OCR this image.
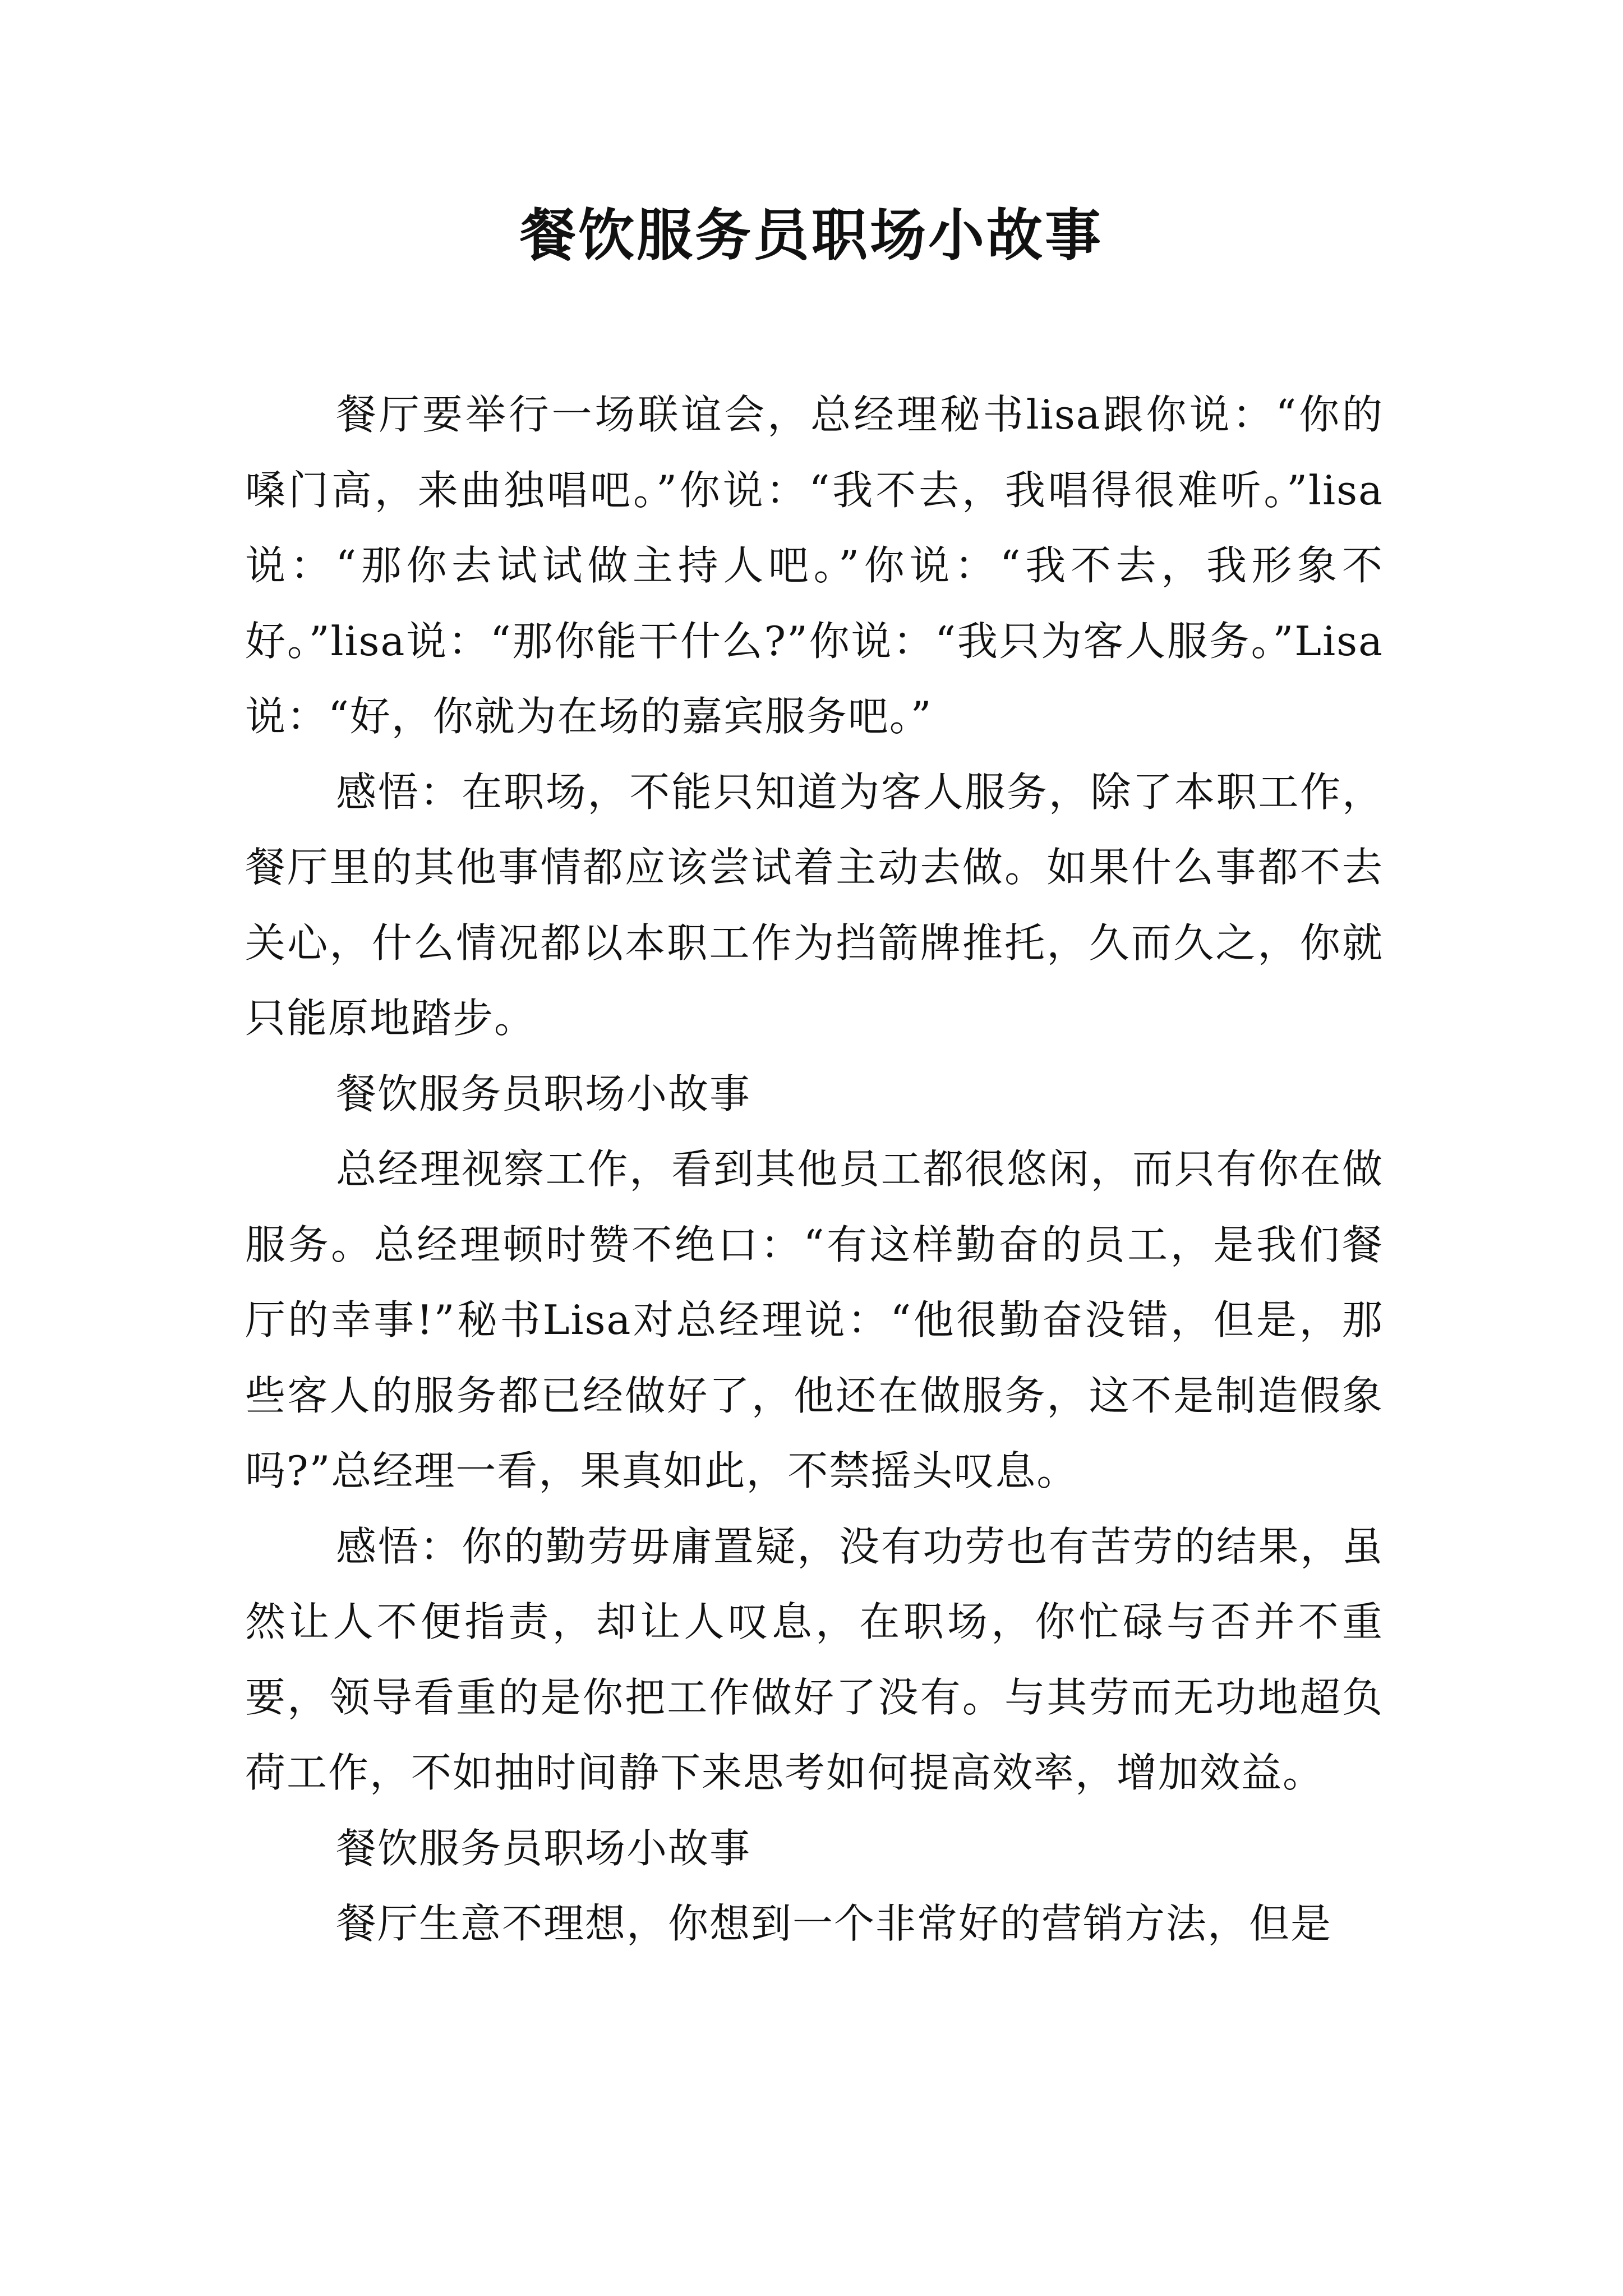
餐饮服务员职场小故事

餐厅要举行一场联谊会，总经理秘书lisa跟你说：“你的嗓门高，来曲独唱吧。”你说：“我不去，我唱得很难听。”lisa说：“那你去试试做主持人吧。”你说：“我不去，我形象不好。”lisa说：“那你能干什么?”你说：“我只为客人服务。”Lisa说：“好，你就为在场的嘉宾服务吧。”

感悟：在职场，不能只知道为客人服务，除了本职工作，餐厅里的其他事情都应该尝试着主动去做。如果什么事都不去关心，什么情况都以本职工作为挡箭牌推托，久而久之，你就只能原地踏步。

餐饮服务员职场小故事

总经理视察工作，看到其他员工都很悠闲，而只有你在做服务。总经理顿时赞不绝口：“有这样勤奋的员工，是我们餐厅的幸事!”秘书Lisa对总经理说：“他很勤奋没错，但是，那些客人的服务都已经做好了，他还在做服务，这不是制造假象吗?”总经理一看，果真如此，不禁摇头叹息。

感悟：你的勤劳毋庸置疑，没有功劳也有苦劳的结果，虽然让人不便指责，却让人叹息，在职场，你忙碌与否并不重要，领导看重的是你把工作做好了没有。与其劳而无功地超负荷工作，不如抽时间静下来思考如何提高效率，增加效益。

餐饮服务员职场小故事

餐厅生意不理想，你想到一个非常好的营销方法，但是
